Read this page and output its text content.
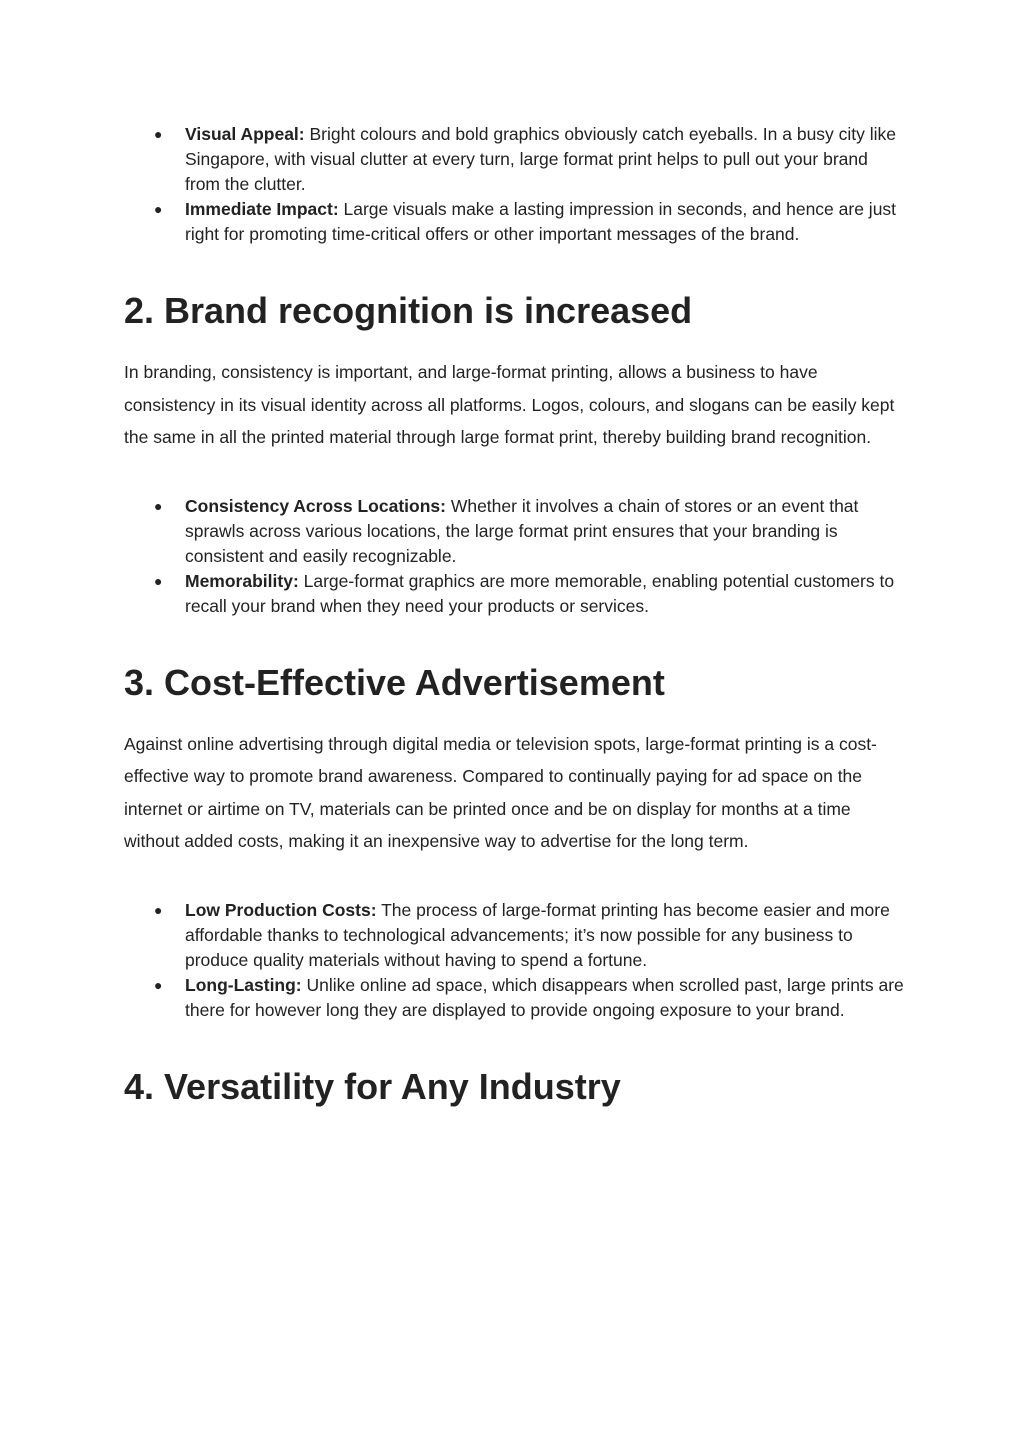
● Visual Appeal: Bright colours and bold graphics obviously catch eyeballs. In a busy city like Singapore, with visual clutter at every turn, large format print helps to pull out your brand from the clutter.
● Immediate Impact: Large visuals make a lasting impression in seconds, and hence are just right for promoting time-critical offers or other important messages of the brand.
2. Brand recognition is increased

In branding, consistency is important, and large-format printing, allows a business to have consistency in its visual identity across all platforms. Logos, colours, and slogans can be easily kept the same in all the printed material through large format print, thereby building brand recognition.

● Consistency Across Locations: Whether it involves a chain of stores or an event that sprawls across various locations, the large format print ensures that your branding is consistent and easily recognizable.
● Memorability: Large-format graphics are more memorable, enabling potential customers to recall your brand when they need your products or services.
3. Cost-Effective Advertisement

Against online advertising through digital media or television spots, large-format printing is a cost-effective way to promote brand awareness. Compared to continually paying for ad space on the internet or airtime on TV, materials can be printed once and be on display for months at a time without added costs, making it an inexpensive way to advertise for the long term.

● Low Production Costs: The process of large-format printing has become easier and more affordable thanks to technological advancements; it’s now possible for any business to produce quality materials without having to spend a fortune.
● Long-Lasting: Unlike online ad space, which disappears when scrolled past, large prints are there for however long they are displayed to provide ongoing exposure to your brand.
4. Versatility for Any Industry
